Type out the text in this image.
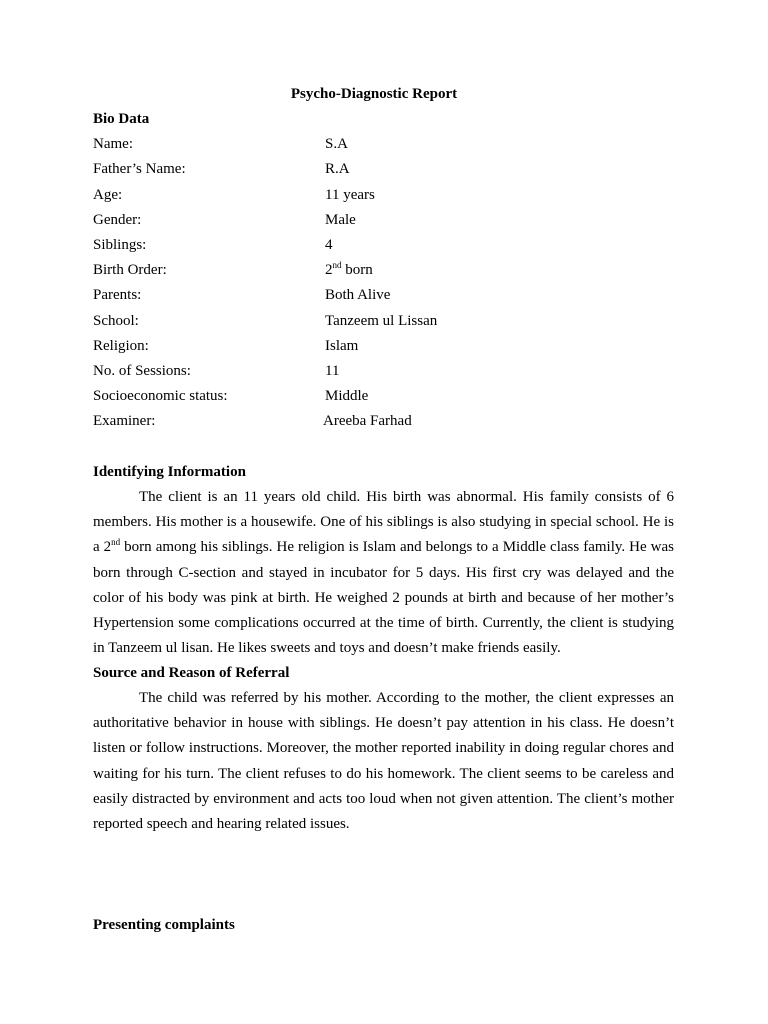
Psycho-Diagnostic Report
Bio Data
Name:	S.A
Father’s Name:	R.A
Age:	11 years
Gender:	Male
Siblings:	4
Birth Order:	2nd born
Parents:	Both Alive
School:	Tanzeem ul Lissan
Religion:	Islam
No. of Sessions:	11
Socioeconomic status:	Middle
Examiner:	Areeba Farhad
Identifying Information

The client is an 11 years old child. His birth was abnormal. His family consists of 6 members. His mother is a housewife. One of his siblings is also studying in special school. He is a 2nd born among his siblings. He religion is Islam and belongs to a Middle class family. He was born through C-section and stayed in incubator for 5 days. His first cry was delayed and the color of his body was pink at birth. He weighed 2 pounds at birth and because of her mother’s Hypertension some complications occurred at the time of birth. Currently, the client is studying in Tanzeem ul lisan. He likes sweets and toys and doesn’t make friends easily.

Source and Reason of Referral

The child was referred by his mother. According to the mother, the client expresses an authoritative behavior in house with siblings. He doesn’t pay attention in his class. He doesn’t listen or follow instructions. Moreover, the mother reported inability in doing regular chores and waiting for his turn. The client refuses to do his homework. The client seems to be careless and easily distracted by environment and acts too loud when not given attention. The client’s mother reported speech and hearing related issues.

Presenting complaints
